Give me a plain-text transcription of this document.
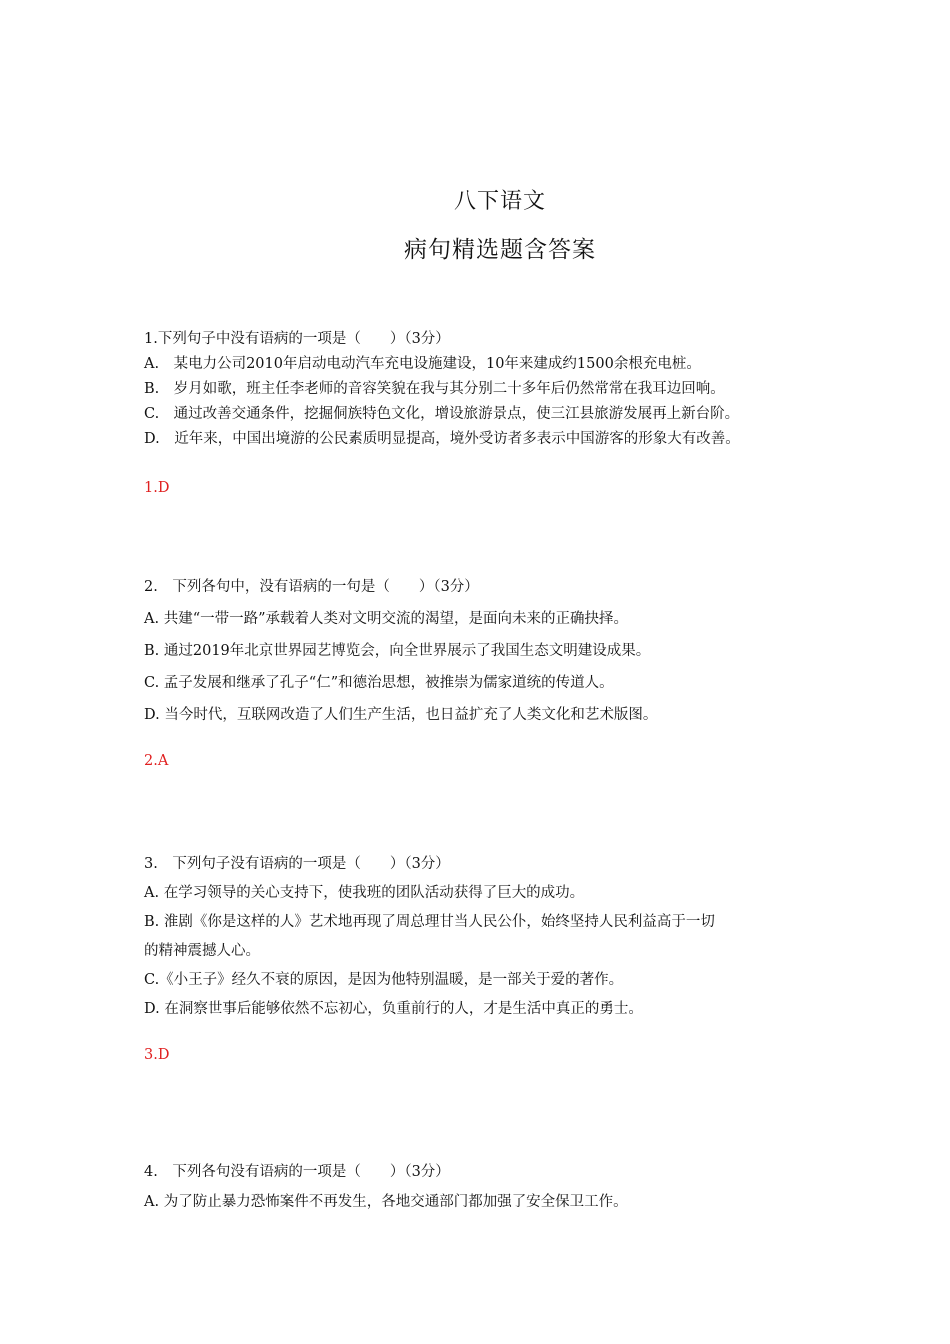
八下语文
病句精选题含答案
1.下列句子中没有语病的一项是（　　）（3分）
A.　某电力公司2010年启动电动汽车充电设施建设，10年来建成约1500余根充电桩。
B.　岁月如歌，班主任李老师的音容笑貌在我与其分别二十多年后仍然常常在我耳边回响。
C.　通过改善交通条件，挖掘侗族特色文化，增设旅游景点，使三江县旅游发展再上新台阶。
D.　近年来，中国出境游的公民素质明显提高，境外受访者多表示中国游客的形象大有改善。
1.D
2.　下列各句中，没有语病的一句是（　　）（3分）
A. 共建“一带一路”承载着人类对文明交流的渴望，是面向未来的正确抉择。
B. 通过2019年北京世界园艺博览会，向全世界展示了我国生态文明建设成果。
C. 孟子发展和继承了孔子“仁”和德治思想，被推崇为儒家道统的传道人。
D. 当今时代，互联网改造了人们生产生活，也日益扩充了人类文化和艺术版图。
2.A
3.　下列句子没有语病的一项是（　　）（3分）
A. 在学习领导的关心支持下，使我班的团队活动获得了巨大的成功。
B. 淮剧《你是这样的人》艺术地再现了周总理甘当人民公仆，始终坚持人民利益高于一切
的精神震撼人心。
C.《小王子》经久不衰的原因，是因为他特别温暖，是一部关于爱的著作。
D. 在洞察世事后能够依然不忘初心，负重前行的人，才是生活中真正的勇士。
3.D
4.　下列各句没有语病的一项是（　　）（3分）
A. 为了防止暴力恐怖案件不再发生，各地交通部门都加强了安全保卫工作。
